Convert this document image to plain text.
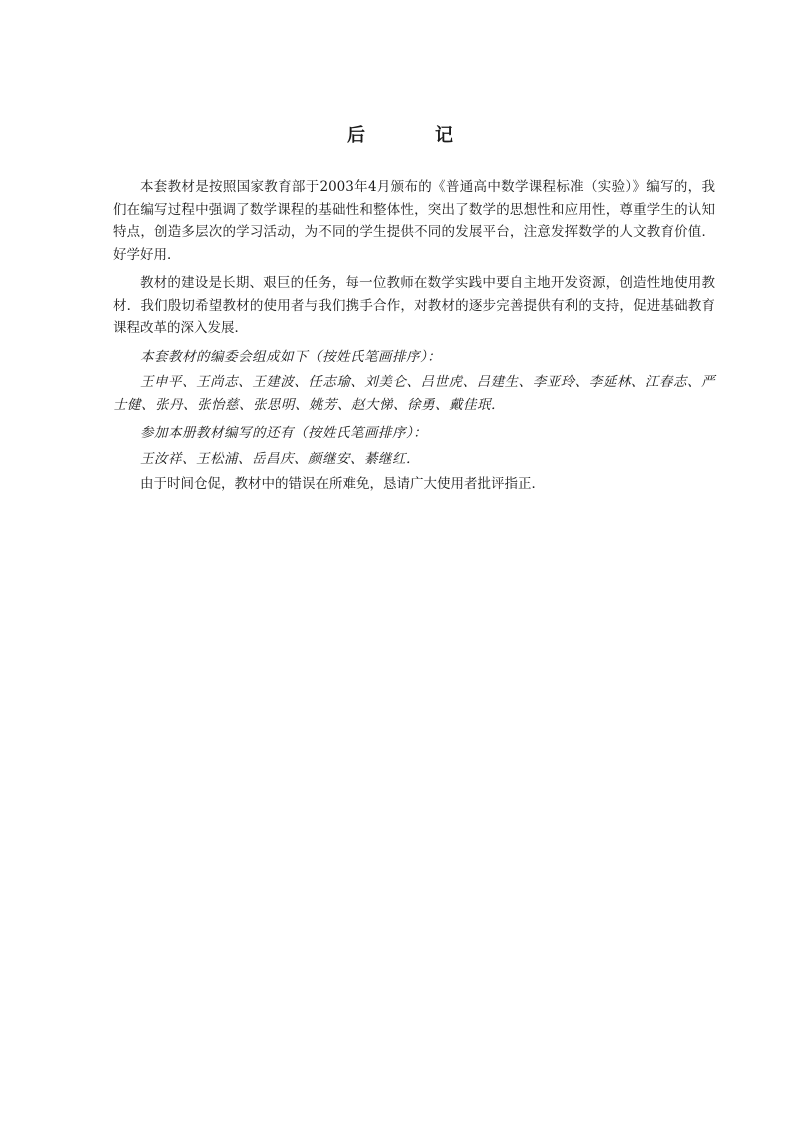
后　记

本套教材是按照国家教育部于2003年4月颁布的《普通高中数学课程标准（实验）》编写的，我们在编写过程中强调了数学课程的基础性和整体性，突出了数学的思想性和应用性，尊重学生的认知特点，创造多层次的学习活动，为不同的学生提供不同的发展平台，注意发挥数学的人文教育价值．好学好用．

教材的建设是长期、艰巨的任务，每一位教师在数学实践中要自主地开发资源，创造性地使用教材．我们殷切希望教材的使用者与我们携手合作，对教材的逐步完善提供有利的支持，促进基础教育课程改革的深入发展．

本套教材的编委会组成如下（按姓氏笔画排序）：

王申平、王尚志、王建波、任志瑜、刘美仑、吕世虎、吕建生、李亚玲、李延林、江春志、严士健、张丹、张怡慈、张思明、姚芳、赵大悌、徐勇、戴佳珉．

参加本册教材编写的还有（按姓氏笔画排序）：

王汝祥、王松浦、岳昌庆、颜继安、綦继红．

由于时间仓促，教材中的错误在所难免，恳请广大使用者批评指正．
